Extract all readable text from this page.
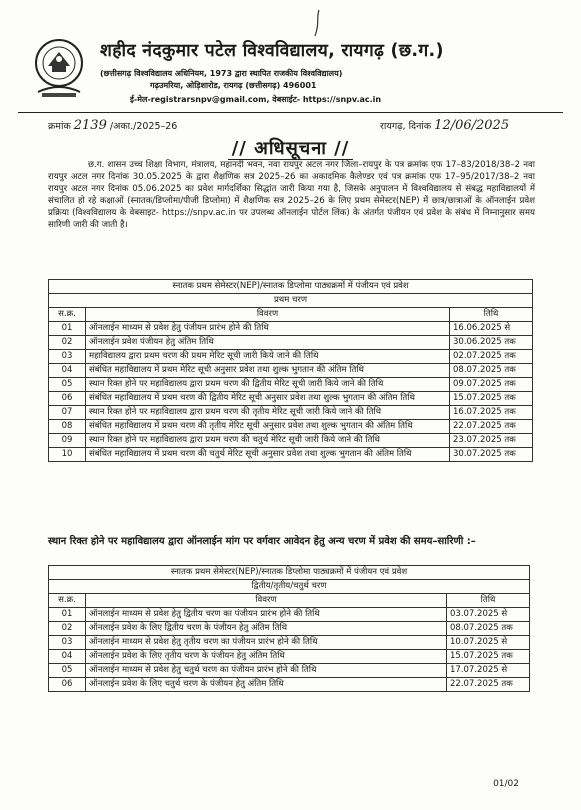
शहीद नंदकुमार पटेल विश्वविद्यालय, रायगढ़ (छ.ग.)
(छत्तीसगढ़ विश्वविद्यालय अधिनियम, 1973 द्वारा स्थापित राजकीय विश्वविद्यालय)
गढ़उमरिया, ओड़िशारोड, रायगढ़ (छत्तीसगढ़) 496001
ई-मेल-registrarsnpv@gmail.com, वेबसाईट- https://snpv.ac.in
क्रमांक 2139 /अका./2025–26	रायगढ़, दिनांक 12/06/2025
// अधिसूचना //
छ.ग. शासन उच्च शिक्षा विभाग, मंत्रालय, महानदी भवन, नवा रायपुर अटल नगर जिला–रायपुर के पत्र क्रमांक एफ 17–83/2018/38–2 नवा रायपुर अटल नगर दिनांक 30.05.2025 के द्वारा शैक्षणिक सत्र 2025–26 का अकादमिक कैलेण्डर एवं पत्र क्रमांक एफ 17–95/2017/38–2 नवा रायपुर अटल नगर दिनांक 05.06.2025 का प्रवेश मार्गदर्शिका सिद्धांत जारी किया गया है, जिसके अनुपालन में विश्वविद्यालय से संबद्ध महाविद्यालयों में संचालित हो रहे कक्षाओं (स्नातक/डिप्लोमा/पीजी डिप्लोमा) में शैक्षणिक सत्र 2025–26 के लिए प्रथम सेमेस्टर(NEP) में छात्र/छात्राओं के ऑनलाईन प्रवेश प्रक्रिया (विश्वविद्यालय के वेबसाइट- https://snpv.ac.in पर उपलब्ध ऑनलाईन पोर्टल लिंक) के अंतर्गत पंजीयन एवं प्रवेश के संबंध में निम्नानुसार समय सारिणी जारी की जाती है।
स्नातक प्रथम सेमेस्टर(NEP)/स्नातक डिप्लोमा पाठ्यक्रमों में पंजीयन एवं प्रवेश		
प्रथम चरण		
स.क्र.	विवरण	तिथि
01	ऑनलाईन माध्यम से प्रवेश हेतु पंजीयन प्रारंभ होने की तिथि	16.06.2025 से
02	ऑनलाईन प्रवेश पंजीयन हेतु अंतिम तिथि	30.06.2025 तक
03	महाविद्यालय द्वारा प्रथम चरण की प्रथम मेरिट सूची जारी किये जाने की तिथि	02.07.2025 तक
04	संबंधित महाविद्यालय में प्रथम मेरिट सूची अनुसार प्रवेश तथा शुल्क भुगतान की अंतिम तिथि	08.07.2025 तक
05	स्थान रिक्त होने पर महाविद्यालय द्वारा प्रथम चरण की द्वितीय मेरिट सूची जारी किये जाने की तिथि	09.07.2025 तक
06	संबंधित महाविद्यालय में प्रथम चरण की द्वितीय मेरिट सूची अनुसार प्रवेश तथा शुल्क भुगतान की अंतिम तिथि	15.07.2025 तक
07	स्थान रिक्त होने पर महाविद्यालय द्वारा प्रथम चरण की तृतीय मेरिट सूची जारी किये जाने की तिथि	16.07.2025 तक
08	संबंधित महाविद्यालय में प्रथम चरण की तृतीय मेरिट सूची अनुसार प्रवेश तथा शुल्क भुगतान की अंतिम तिथि	22.07.2025 तक
09	स्थान रिक्त होने पर महाविद्यालय द्वारा प्रथम चरण की चतुर्थ मेरिट सूची जारी किये जाने की तिथि	23.07.2025 तक
10	संबंधित महाविद्यालय में प्रथम चरण की चतुर्थ मेरिट सूची अनुसार प्रवेश तथा शुल्क भुगतान की अंतिम तिथि	30.07.2025 तक
स्थान रिक्त होने पर महाविद्यालय द्वारा ऑनलाईन मांग पर वर्गवार आवेदन हेतु अन्य चरण में प्रवेश की समय–सारिणी :–
स्नातक प्रथम सेमेस्टर(NEP)/स्नातक डिप्लोमा पाठ्यक्रमों में पंजीयन एवं प्रवेश		
द्वितीय/तृतीय/चतुर्थ चरण		
स.क्र.	विवरण	तिथि
01	ऑनलाईन माध्यम से प्रवेश हेतु द्वितीय चरण का पंजीयन प्रारंभ होने की तिथि	03.07.2025 से
02	ऑनलाईन प्रवेश के लिए द्वितीय चरण के पंजीयन हेतु अंतिम तिथि	08.07.2025 तक
03	ऑनलाईन माध्यम से प्रवेश हेतु तृतीय चरण का पंजीयन प्रारंभ होने की तिथि	10.07.2025 से
04	ऑनलाईन प्रवेश के लिए तृतीय चरण के पंजीयन हेतु अंतिम तिथि	15.07.2025 तक
05	ऑनलाईन माध्यम से प्रवेश हेतु चतुर्थ चरण का पंजीयन प्रारंभ होने की तिथि	17.07.2025 से
06	ऑनलाईन प्रवेश के लिए चतुर्थ चरण के पंजीयन हेतु अंतिम तिथि	22.07.2025 तक
01/02
